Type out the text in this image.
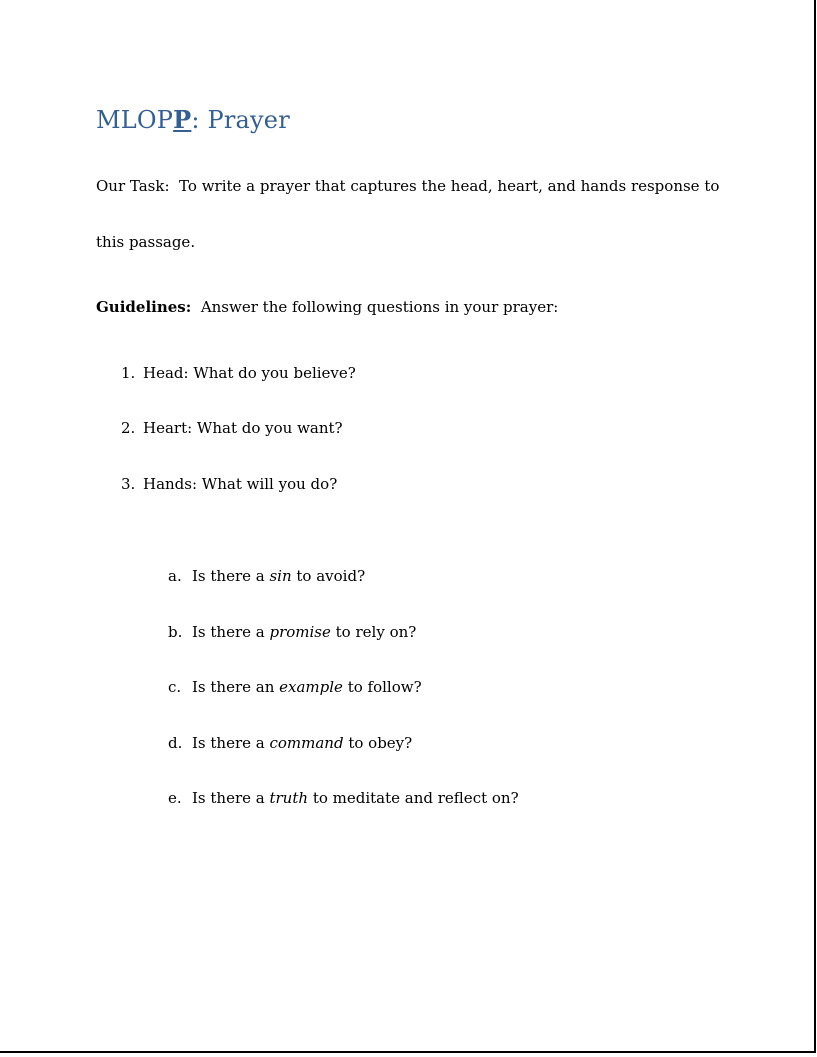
MLOPP: Prayer

Our Task:  To write a prayer that captures the head, heart, and hands response to

this passage.

Guidelines:  Answer the following questions in your prayer:

1. Head: What do you believe?

2. Heart: What do you want?

3. Hands: What will you do?

a. Is there a sin to avoid?

b. Is there a promise to rely on?

c. Is there an example to follow?

d. Is there a command to obey?

e. Is there a truth to meditate and reflect on?
